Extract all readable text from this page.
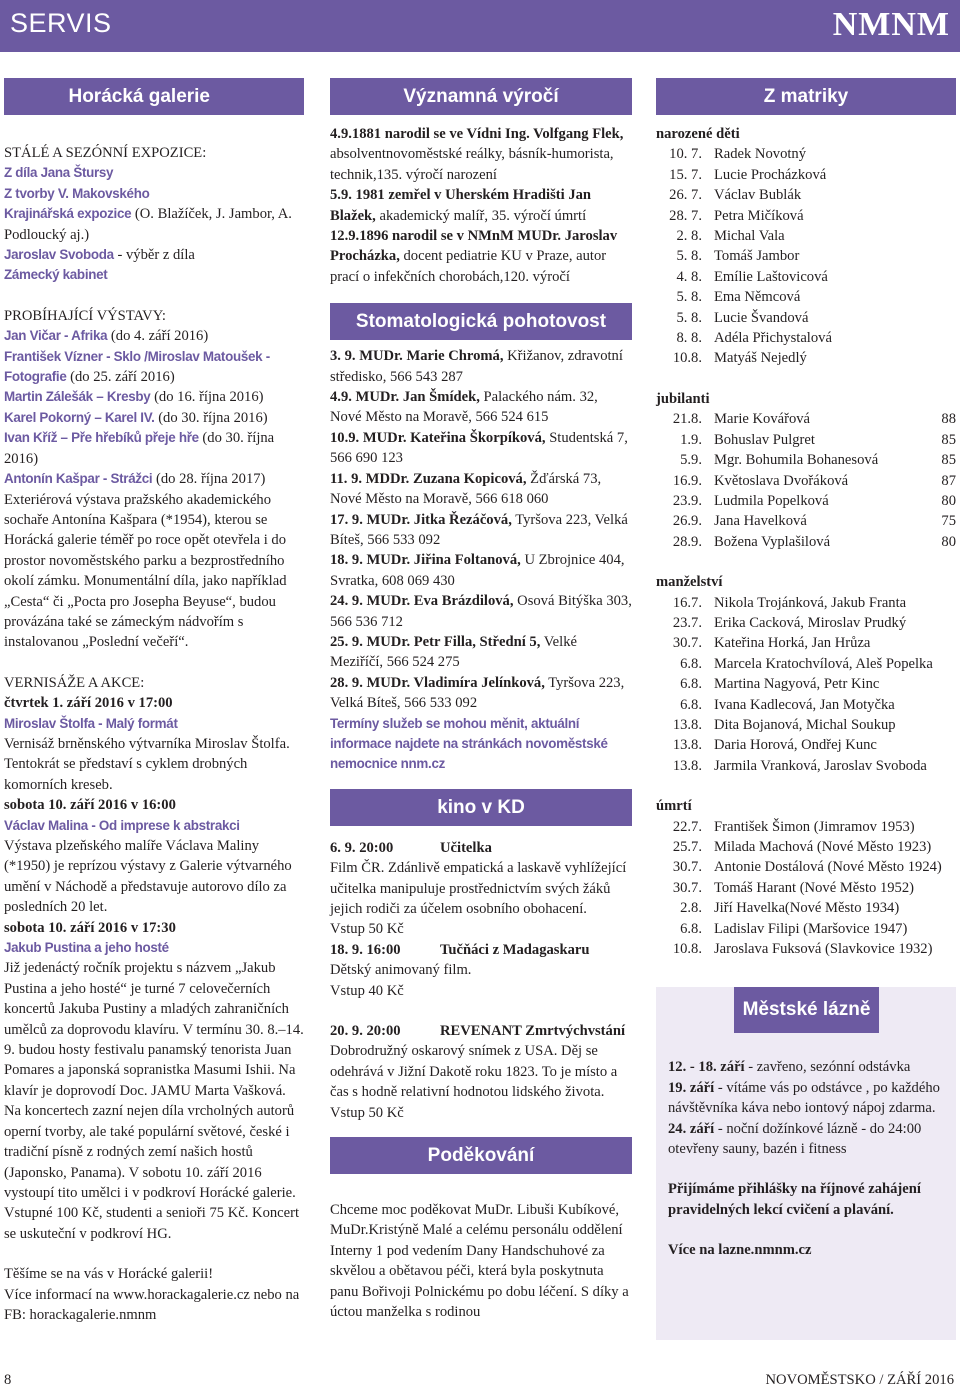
SERVIS	NMNM
Horácká galerie

STÁLÉ A SEZÓNNÍ EXPOZICE:

Z díla Jana Štursy

Z tvorby V. Makovského

Krajinářská expozice (O. Blažíček, J. Jambor, A. Podloucký aj.)

Jaroslav Svoboda - výběr z díla

Zámecký kabinet

PROBÍHAJÍCÍ VÝSTAVY:

Jan Vičar - Afrika (do 4. září 2016)

František Vízner - Sklo /Miroslav Matoušek - Fotografie (do 25. září 2016)

Martin Zálešák – Kresby (do 16. října 2016)

Karel Pokorný – Karel IV. (do 30. října 2016)

Ivan Kříž – Pře hřebíků přeje hře (do 30. října 2016)

Antonín Kašpar - Strážci (do 28. října 2017)

Exteriérová výstava pražského akademického sochaře Antonína Kašpara (*1954), kterou se Horácká galerie téměř po roce opět otevřela i do prostor novoměstského parku a bezprostředního okolí zámku. Monumentální díla, jako například „Cesta“ či „Pocta pro Josepha Beyuse“, budou provázána také se zámeckým nádvořím s instalovanou „Poslední večeří“.

VERNISÁŽE A AKCE:

čtvrtek 1. září 2016 v 17:00

Miroslav Štolfa - Malý formát

Vernisáž brněnského výtvarníka Miroslav Štolfa. Tentokrát se představí s cyklem drobných komorních kreseb.

sobota 10. září 2016 v 16:00

Václav Malina - Od imprese k abstrakci

Výstava plzeňského malíře Václava Maliny (*1950) je reprízou výstavy z Galerie výtvarného umění v Náchodě a představuje autorovo dílo za posledních 20 let.

sobota 10. září 2016 v 17:30

Jakub Pustina a jeho hosté

Již jedenáctý ročník projektu s názvem „Jakub Pustina a jeho hosté“ je turné 7 celovečerních koncertů Jakuba Pustiny a mladých zahraničních umělců za doprovodu klavíru. V termínu 30. 8.–14. 9. budou hosty festivalu panamský tenorista Juan Pomares a japonská sopranistka Masumi Ishii. Na klavír je doprovodí Doc. JAMU Marta Vašková. Na koncertech zazní nejen díla vrcholných autorů operní tvorby, ale také populární světové, české i tradiční písně z rodných zemí našich hostů (Japonsko, Panama). V sobotu 10. září 2016 vystoupí tito umělci i v podkroví Horácké galerie.

Vstupné 100 Kč, studenti a senioři 75 Kč. Koncert se uskuteční v podkroví HG.

Těšíme se na vás v Horácké galerii!

Více informací na www.horackagalerie.cz nebo na FB: horackagalerie.nmnm

Významná výročí

4.9.1881 narodil se ve Vídni Ing. Volfgang Flek, absolventnovoměstské reálky, básník-humorista, technik,135. výročí narození

5.9. 1981 zemřel v Uherském Hradišti Jan Blažek, akademický malíř, 35. výročí úmrtí

12.9.1896 narodil se v NMnM MUDr. Jaroslav Procházka, docent pediatrie KU v Praze, autor prací o infekčních chorobách,120. výročí

Stomatologická pohotovost

3. 9. MUDr. Marie Chromá, Křižanov, zdravotní středisko, 566 543 287

4.9. MUDr. Jan Šmídek, Palackého nám. 32, Nové Město na Moravě, 566 524 615

10.9. MUDr. Kateřina Škorpíková, Studentská 7, 566 690 123

11. 9. MDDr. Zuzana Kopicová, Žďárská 73, Nové Město na Moravě, 566 618 060

17. 9. MUDr. Jitka Řezáčová, Tyršova 223, Velká Bíteš, 566 533 092

18. 9. MUDr. Jiřina Foltanová, U Zbrojnice 404, Svratka, 608 069 430

24. 9. MUDr. Eva Brázdilová, Osová Bitýška 303, 566 536 712

25. 9. MUDr. Petr Filla, Střední 5, Velké Meziříčí, 566 524 275

28. 9. MUDr. Vladimíra Jelínková, Tyršova 223, Velká Bíteš, 566 533 092

Termíny služeb se mohou měnit, aktuální informace najdete na stránkách novoměstské nemocnice nnm.cz

kino v KD

6. 9. 20:00	Učitelka

Film ČR. Zdánlivě empatická a laskavě vyhlížející učitelka manipuluje prostřednictvím svých žáků jejich rodiči za účelem osobního obohacení.

Vstup 50 Kč

18. 9. 16:00	Tučňáci z Madagaskaru

Dětský animovaný film.

Vstup 40 Kč

20. 9. 20:00	REVENANT Zmrtvýchvstání

Dobrodružný oskarový snímek z USA. Děj se odehrává v Jižní Dakotě roku 1823. To je místo a čas s hodně relativní hodnotou lidského života.

Vstup 50 Kč

Poděkování

Chceme moc poděkovat MuDr. Libuši Kubíkové, MuDr.Kristýně Malé a celému personálu oddělení Interny 1 pod vedením Dany Handschuhové za skvělou a obětavou péči, která byla poskytnuta panu Bořivoji Polnickému po dobu léčení. S díky a úctou manželka s rodinou

Z matriky

narozené děti

10. 7.	Radek Novotný
15. 7.	Lucie Procházková
26. 7.	Václav Bublák
28. 7.	Petra Mičíková
2. 8.	Michal Vala
5. 8.	Tomáš Jambor
4. 8.	Emílie Laštovicová
5. 8.	Ema Němcová
5. 8.	Lucie Švandová
8. 8.	Adéla Přichystalová
10.8.	Matyáš Nejedlý

jubilanti

21.8.	Marie Kovářová	88
1.9.	Bohuslav Pulgret	85
5.9.	Mgr. Bohumila Bohanesová	85
16.9.	Květoslava Dvořáková	87
23.9.	Ludmila Popelková	80
26.9.	Jana Havelková	75
28.9.	Božena Vyplašilová	80

manželství

16.7.	Nikola Trojánková, Jakub Franta
23.7.	Erika Cacková, Miroslav Prudký
30.7.	Kateřina Horká, Jan Hrůza
6.8.	Marcela Kratochvílová, Aleš Popelka
6.8.	Martina Nagyová, Petr Kinc
6.8.	Ivana Kadlecová, Jan Motyčka
13.8.	Dita Bojanová, Michal Soukup
13.8.	Daria Horová, Ondřej Kunc
13.8.	Jarmila Vranková, Jaroslav Svoboda

úmrtí

22.7.	František Šimon (Jimramov 1953)
25.7.	Milada Machová (Nové Město 1923)
30.7.	Antonie Dostálová (Nové Město 1924)
30.7.	Tomáš Harant (Nové Město 1952)
2.8.	Jiří Havelka(Nové Město 1934)
6.8.	Ladislav Filipi (Maršovice 1947)
10.8.	Jaroslava Fuksová (Slavkovice 1932)
Městské lázně

12. - 18. září - zavřeno, sezónní odstávka

19. září - vítáme vás po odstávce , po každého návštěvníka káva nebo iontový nápoj zdarma.

24. září - noční dožínkové lázně - do 24:00 otevřeny sauny, bazén i fitness

Přijímáme přihlášky na říjnové zahájení pravidelných lekcí cvičení a plavání.

Více na lazne.nmnm.cz

8	NOVOMĚSTSKO / ZÁŘÍ 2016
